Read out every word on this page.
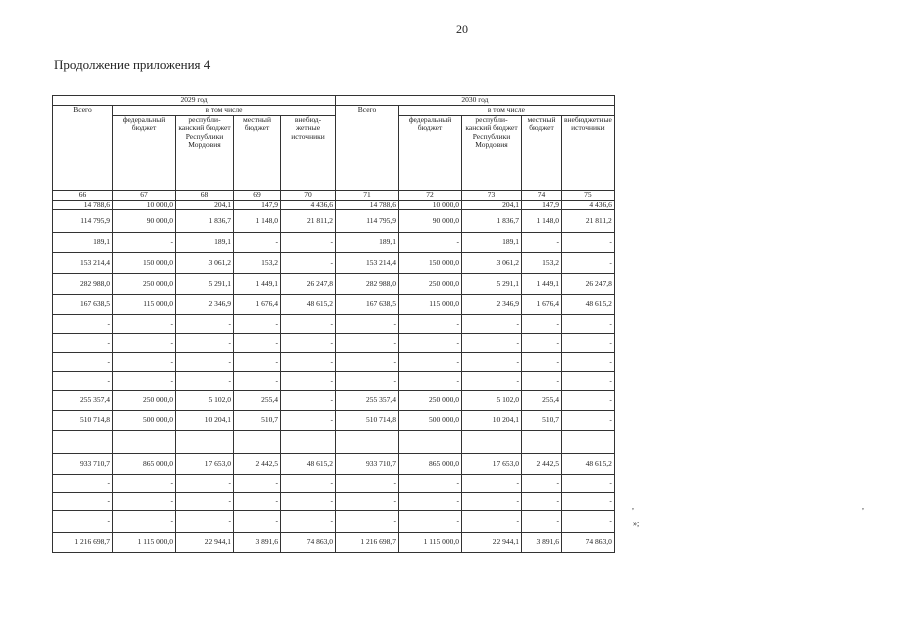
20
Продолжение приложения 4
2029 год					2030 год				
Всего	в том числе				Всего	в том числе			
	федеральный бюджет	республи-канский бюджет Республики Мордовия	местный бюджет	внебюд-жетные источники		федеральный бюджет	республи-канский бюджет Республики Мордовия	местный бюджет	внебюджетные источники
66	67	68	69	70	71	72	73	74	75
14 788,6	10 000,0	204,1	147,9	4 436,6	14 788,6	10 000,0	204,1	147,9	4 436,6
114 795,9	90 000,0	1 836,7	1 148,0	21 811,2	114 795,9	90 000,0	1 836,7	1 148,0	21 811,2
189,1	-	189,1	-	-	189,1	-	189,1	-	-
153 214,4	150 000,0	3 061,2	153,2	-	153 214,4	150 000,0	3 061,2	153,2	-
282 988,0	250 000,0	5 291,1	1 449,1	26 247,8	282 988,0	250 000,0	5 291,1	1 449,1	26 247,8
167 638,5	115 000,0	2 346,9	1 676,4	48 615,2	167 638,5	115 000,0	2 346,9	1 676,4	48 615,2
-	-	-	-	-	-	-	-	-	-
-	-	-	-	-	-	-	-	-	-
-	-	-	-	-	-	-	-	-	-
-	-	-	-	-	-	-	-	-	-
255 357,4	250 000,0	5 102,0	255,4	-	255 357,4	250 000,0	5 102,0	255,4	-
510 714,8	500 000,0	10 204,1	510,7	-	510 714,8	500 000,0	10 204,1	510,7	-

933 710,7	865 000,0	17 653,0	2 442,5	48 615,2	933 710,7	865 000,0	17 653,0	2 442,5	48 615,2
-	-	-	-	-	-	-	-	-	-
-	-	-	-	-	-	-	-	-	-
-	-	-	-	-	-	-	-	-	-
1 216 698,7	1 115 000,0	22 944,1	3 891,6	74 863,0	1 216 698,7	1 115 000,0	22 944,1	3 891,6	74 863,0
,	,
»;
